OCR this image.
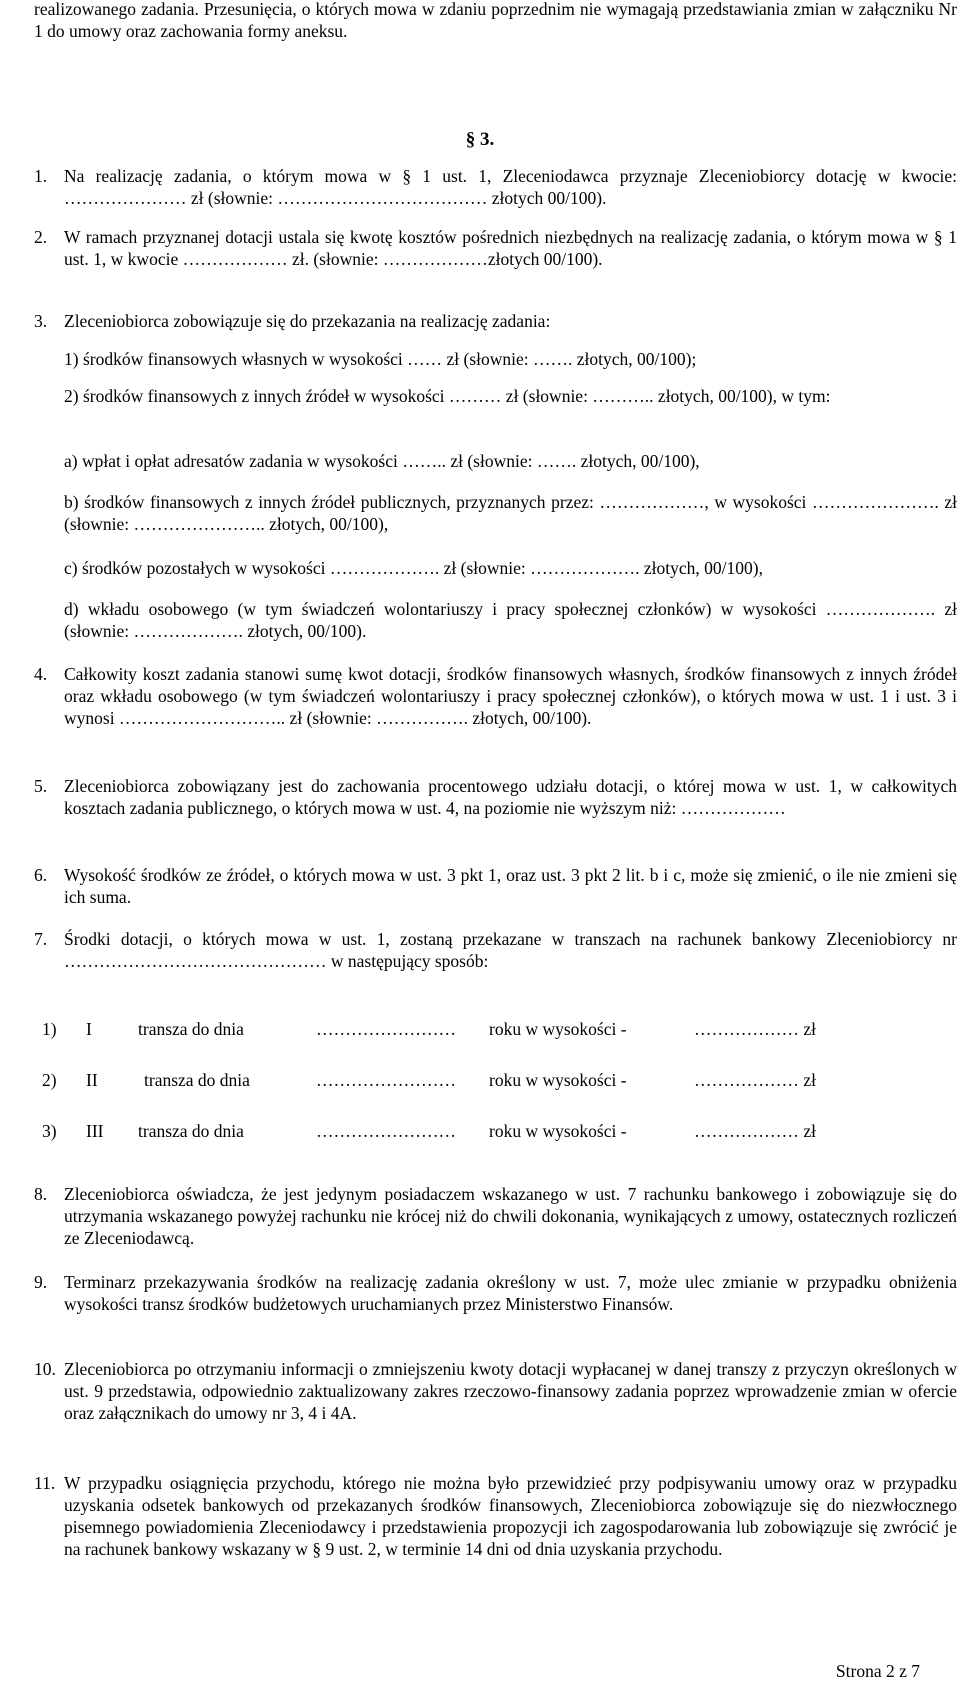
realizowanego zadania. Przesunięcia, o których mowa w zdaniu poprzednim nie wymagają przedstawiania zmian w załączniku Nr 1 do umowy oraz zachowania formy aneksu.

§ 3.
1. Na realizację zadania, o którym mowa w § 1 ust. 1, Zleceniodawca przyznaje Zleceniobiorcy dotację w kwocie: ………………… zł (słownie: ……………………………… złotych 00/100).
2. W ramach przyznanej dotacji ustala się kwotę kosztów pośrednich niezbędnych na realizację zadania, o którym mowa w § 1 ust. 1, w kwocie ……………… zł. (słownie: ………………złotych 00/100).
3. Zleceniobiorca zobowiązuje się do przekazania na realizację zadania:
1) środków finansowych własnych w wysokości …… zł (słownie: ……. złotych, 00/100);
2) środków finansowych z innych źródeł w wysokości ……… zł (słownie: ……….. złotych, 00/100), w tym:
a) wpłat i opłat adresatów zadania w wysokości …….. zł (słownie: ……. złotych, 00/100),
b) środków finansowych z innych źródeł publicznych, przyznanych przez: ………………, w wysokości …………………. zł (słownie: ………………….. złotych, 00/100),
c) środków pozostałych w wysokości ………………. zł (słownie: ………………. złotych, 00/100),
d) wkładu osobowego (w tym świadczeń wolontariuszy i pracy społecznej członków) w wysokości ………………. zł (słownie: ………………. złotych, 00/100).
4. Całkowity koszt zadania stanowi sumę kwot dotacji, środków finansowych własnych, środków finansowych z innych źródeł oraz wkładu osobowego (w tym świadczeń wolontariuszy i pracy społecznej członków), o których mowa w ust. 1 i ust. 3 i wynosi ……………………….. zł (słownie: ……………. złotych, 00/100).
5. Zleceniobiorca zobowiązany jest do zachowania procentowego udziału dotacji, o której mowa w ust. 1, w całkowitych kosztach zadania publicznego, o których mowa w ust. 4, na poziomie nie wyższym niż: ………………
6. Wysokość środków ze źródeł, o których mowa w ust. 3 pkt 1, oraz ust. 3 pkt 2 lit. b i c, może się zmienić, o ile nie zmieni się ich suma.
7. Środki dotacji, o których mowa w ust. 1, zostaną przekazane w transzach na rachunek bankowy Zleceniobiorcy nr ……………………………………… w następujący sposób:
1) I	transza do dnia	…………………… roku w wysokości -	……………… zł
2) II	transza do dnia	…………………… roku w wysokości -	……………… zł
3) III transza do dnia	…………………… roku w wysokości -	……………… zł
8. Zleceniobiorca oświadcza, że jest jedynym posiadaczem wskazanego w ust. 7 rachunku bankowego i zobowiązuje się do utrzymania wskazanego powyżej rachunku nie krócej niż do chwili dokonania, wynikających z umowy, ostatecznych rozliczeń ze Zleceniodawcą.
9. Terminarz przekazywania środków na realizację zadania określony w ust. 7, może ulec zmianie w przypadku obniżenia wysokości transz środków budżetowych uruchamianych przez Ministerstwo Finansów.
10. Zleceniobiorca po otrzymaniu informacji o zmniejszeniu kwoty dotacji wypłacanej w danej transzy z przyczyn określonych w ust. 9 przedstawia, odpowiednio zaktualizowany zakres rzeczowo-finansowy zadania poprzez wprowadzenie zmian w ofercie oraz załącznikach do umowy nr 3, 4 i 4A.
11. W przypadku osiągnięcia przychodu, którego nie można było przewidzieć przy podpisywaniu umowy oraz w przypadku uzyskania odsetek bankowych od przekazanych środków finansowych, Zleceniobiorca zobowiązuje się do niezwłocznego pisemnego powiadomienia Zleceniodawcy i przedstawienia propozycji ich zagospodarowania lub zobowiązuje się zwrócić je na rachunek bankowy wskazany w § 9 ust. 2, w terminie 14 dni od dnia uzyskania przychodu.
Strona 2 z 7
